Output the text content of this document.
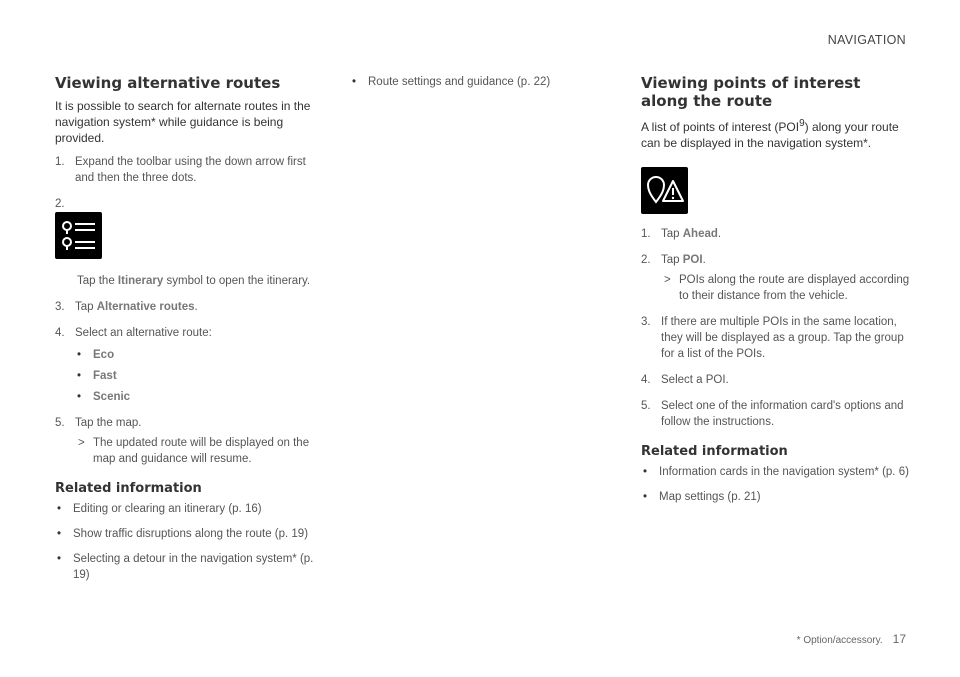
NAVIGATION
Viewing alternative routes

It is possible to search for alternate routes in the navigation system* while guidance is being provided.

1. Expand the toolbar using the down arrow first and then the three dots.
2.
Tap the Itinerary symbol to open the itinerary.
3. Tap Alternative routes.
4. Select an alternative route:
• Eco
• Fast
• Scenic
5. Tap the map.
> The updated route will be displayed on the map and guidance will resume.
Related information
• Editing or clearing an itinerary (p. 16)
• Show traffic disruptions along the route (p. 19)
• Selecting a detour in the navigation system* (p. 19)
• Route settings and guidance (p. 22)	Viewing points of interest along the route

A list of points of interest (POI$^9$) along your route can be displayed in the navigation system*.

1. Tap Ahead.
2. Tap POI.
> POIs along the route are displayed according to their distance from the vehicle.
3. If there are multiple POIs in the same location, they will be displayed as a group. Tap the group for a list of the POIs.
4. Select a POI.
5. Select one of the information card's options and follow the instructions.
Related information
• Information cards in the navigation system* (p. 6)
• Map settings (p. 21)
* Option/accessory. 17
